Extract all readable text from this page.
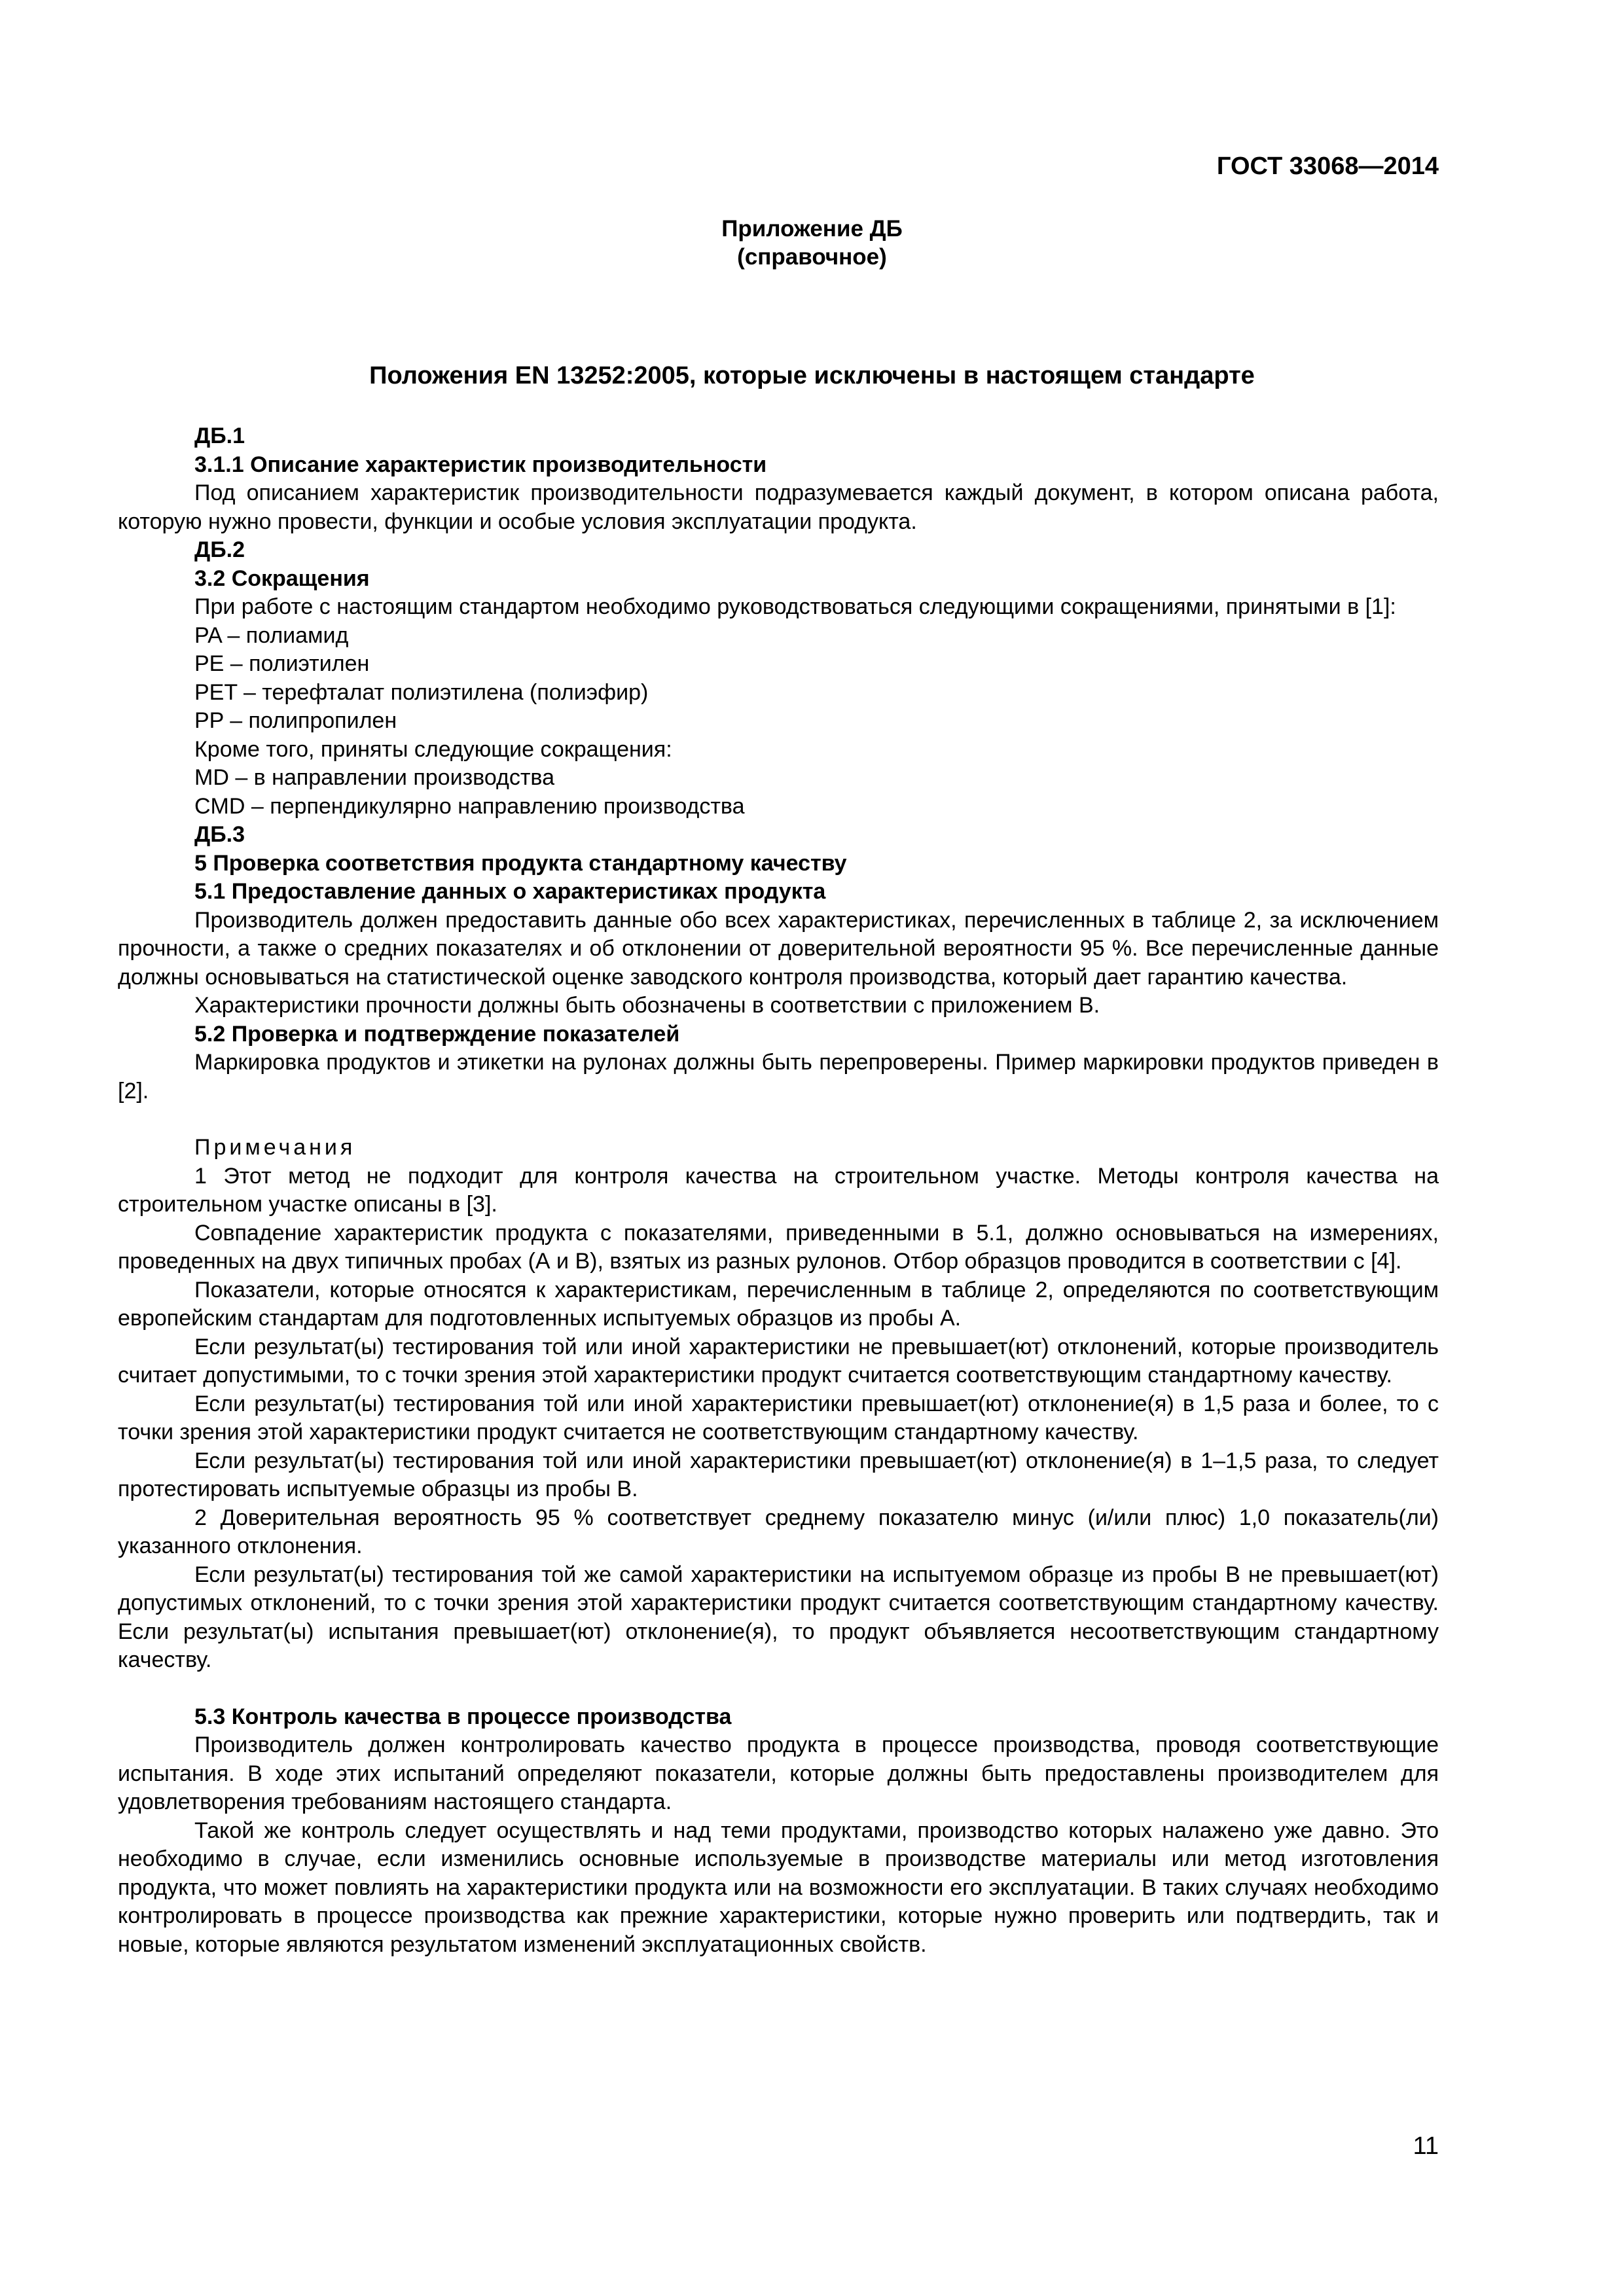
ГОСТ 33068—2014
Приложение ДБ
(справочное)
Положения EN 13252:2005, которые исключены в настоящем стандарте

ДБ.1

3.1.1 Описание характеристик производительности

Под описанием характеристик производительности подразумевается каждый документ, в котором описана работа, которую нужно провести, функции и особые условия эксплуатации продукта.

ДБ.2

3.2 Сокращения

При работе с настоящим стандартом необходимо руководствоваться следующими сокращениями, принятыми в [1]:

PA – полиамид

PE – полиэтилен

PET – терефталат полиэтилена (полиэфир)

PP – полипропилен

Кроме того, приняты следующие сокращения:

MD – в направлении производства

CMD – перпендикулярно направлению производства

ДБ.3

5 Проверка соответствия продукта стандартному качеству

5.1 Предоставление данных о характеристиках продукта

Производитель должен предоставить данные обо всех характеристиках, перечисленных в таблице 2, за исключением прочности, а также о средних показателях и об отклонении от доверительной вероятности 95 %. Все перечисленные данные должны основываться на статистической оценке заводского контроля производства, который дает гарантию качества.

Характеристики прочности должны быть обозначены в соответствии с приложением В.

5.2 Проверка и подтверждение показателей

Маркировка продуктов и этикетки на рулонах должны быть перепроверены. Пример маркировки продуктов приведен в [2].

Примечания

1 Этот метод не подходит для контроля качества на строительном участке. Методы контроля качества на строительном участке описаны в [3].

Совпадение характеристик продукта с показателями, приведенными в 5.1, должно основываться на измерениях, проведенных на двух типичных пробах (А и В), взятых из разных рулонов. Отбор образцов проводится в соответствии с [4].

Показатели, которые относятся к характеристикам, перечисленным в таблице 2, определяются по соответствующим европейским стандартам для подготовленных испытуемых образцов из пробы А.

Если результат(ы) тестирования той или иной характеристики не превышает(ют) отклонений, которые производитель считает допустимыми, то с точки зрения этой характеристики продукт считается соответствующим стандартному качеству.

Если результат(ы) тестирования той или иной характеристики превышает(ют) отклонение(я) в 1,5 раза и более, то с точки зрения этой характеристики продукт считается не соответствующим стандартному качеству.

Если результат(ы) тестирования той или иной характеристики превышает(ют) отклонение(я) в 1–1,5 раза, то следует протестировать испытуемые образцы из пробы В.

2 Доверительная вероятность 95 % соответствует среднему показателю минус (и/или плюс) 1,0 показатель(ли) указанного отклонения.

Если результат(ы) тестирования той же самой характеристики на испытуемом образце из пробы В не превышает(ют) допустимых отклонений, то с точки зрения этой характеристики продукт считается соответствующим стандартному качеству. Если результат(ы) испытания превышает(ют) отклонение(я), то продукт объявляется несоответствующим стандартному качеству.

5.3 Контроль качества в процессе производства

Производитель должен контролировать качество продукта в процессе производства, проводя соответствующие испытания. В ходе этих испытаний определяют показатели, которые должны быть предоставлены производителем для удовлетворения требованиям настоящего стандарта.

Такой же контроль следует осуществлять и над теми продуктами, производство которых налажено уже давно. Это необходимо в случае, если изменились основные используемые в производстве материалы или метод изготовления продукта, что может повлиять на характеристики продукта или на возможности его эксплуатации. В таких случаях необходимо контролировать в процессе производства как прежние характеристики, которые нужно проверить или подтвердить, так и новые, которые являются результатом изменений эксплуатационных свойств.

11
